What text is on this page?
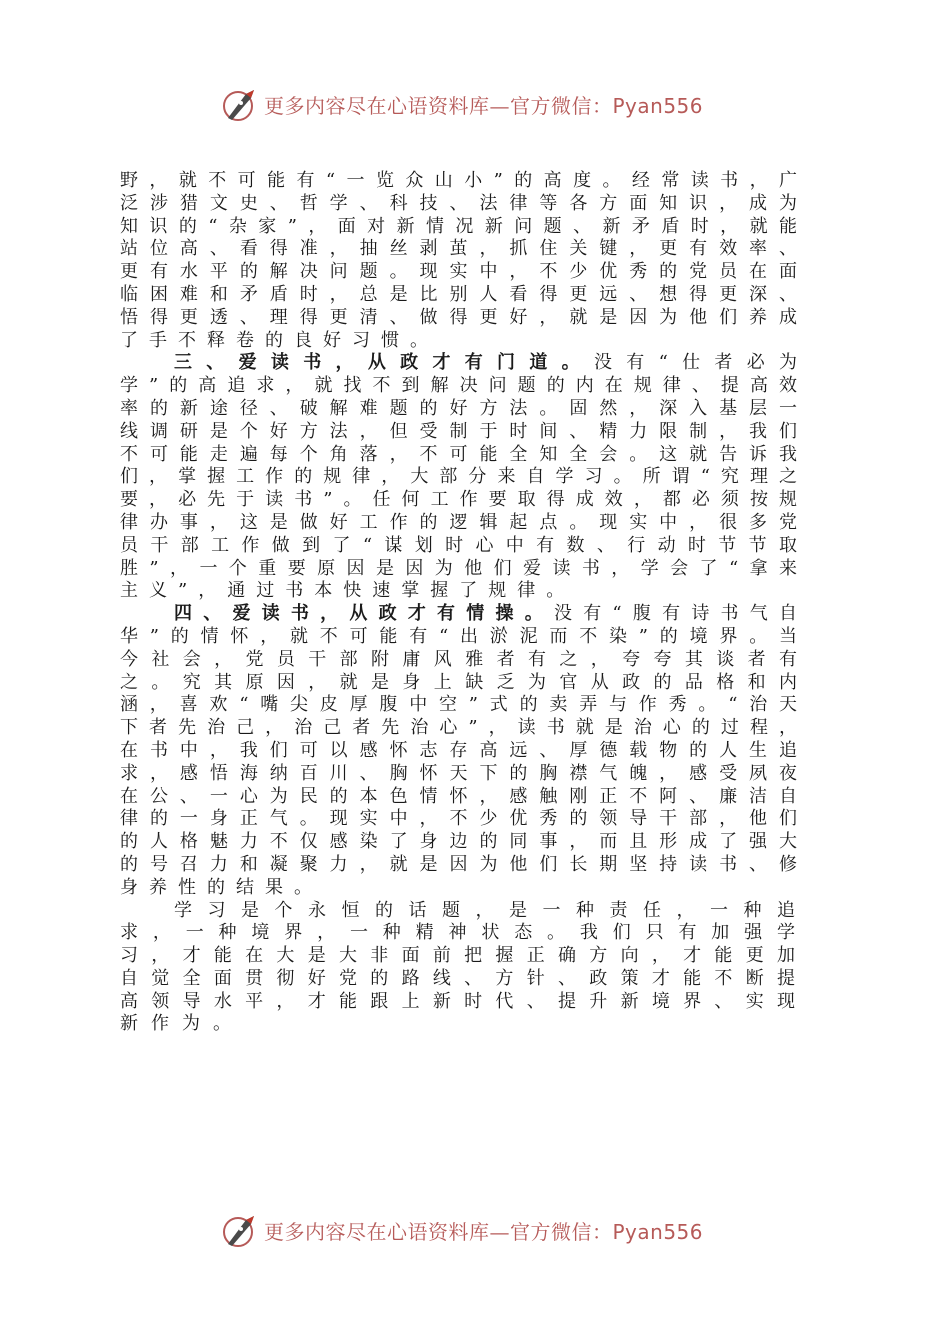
更多内容尽在心语资料库—官方微信：Pyan556

野，就不可能有“一览众山小”的高度。经常读书，广泛涉猎文史、哲学、科技、法律等各方面知识，成为知识的“杂家”，面对新情况新问题、新矛盾时，就能站位高、看得准，抽丝剥茧，抓住关键，更有效率、更有水平的解决问题。现实中，不少优秀的党员在面临困难和矛盾时，总是比别人看得更远、想得更深、悟得更透、理得更清、做得更好，就是因为他们养成了手不释卷的良好习惯。

三、爱读书，从政才有门道。没有“仕者必为学”的高追求，就找不到解决问题的内在规律、提高效率的新途径、破解难题的好方法。固然，深入基层一线调研是个好方法，但受制于时间、精力限制，我们不可能走遍每个角落，不可能全知全会。这就告诉我们，掌握工作的规律，大部分来自学习。所谓“究理之要，必先于读书”。任何工作要取得成效，都必须按规律办事，这是做好工作的逻辑起点。现实中，很多党员干部工作做到了“谋划时心中有数、行动时节节取胜”，一个重要原因是因为他们爱读书，学会了“拿来主义”，通过书本快速掌握了规律。

四、爱读书，从政才有情操。没有“腹有诗书气自华”的情怀，就不可能有“出淤泥而不染”的境界。当今社会，党员干部附庸风雅者有之，夸夸其谈者有之。究其原因，就是身上缺乏为官从政的品格和内涵，喜欢“嘴尖皮厚腹中空”式的卖弄与作秀。“治天下者先治己，治己者先治心”，读书就是治心的过程，在书中，我们可以感怀志存高远、厚德载物的人生追求，感悟海纳百川、胸怀天下的胸襟气魄，感受夙夜在公、一心为民的本色情怀，感触刚正不阿、廉洁自律的一身正气。现实中，不少优秀的领导干部，他们的人格魅力不仅感染了身边的同事，而且形成了强大的号召力和凝聚力，就是因为他们长期坚持读书、修身养性的结果。

学习是个永恒的话题，是一种责任，一种追求，一种境界，一种精神状态。我们只有加强学习，才能在大是大非面前把握正确方向，才能更加自觉全面贯彻好党的路线、方针、政策才能不断提高领导水平，才能跟上新时代、提升新境界、实现新作为。

更多内容尽在心语资料库—官方微信：Pyan556
